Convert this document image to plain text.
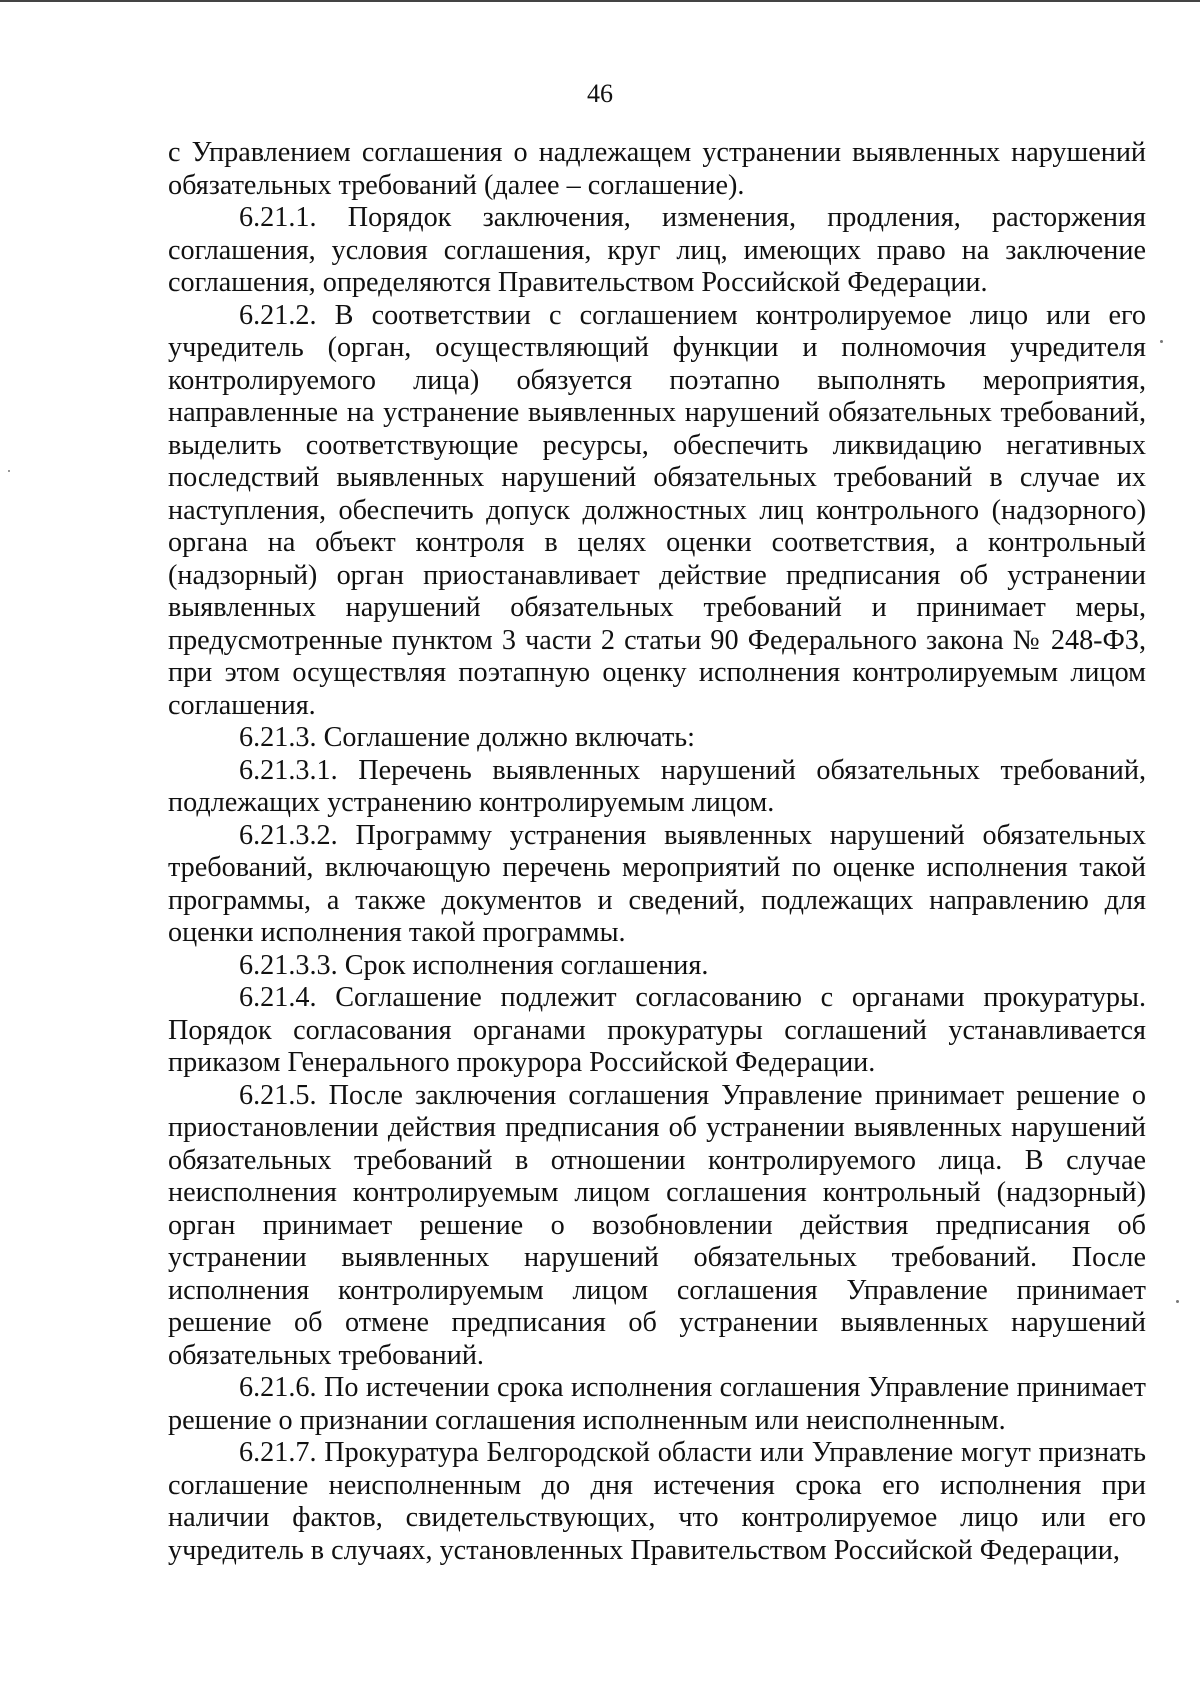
46

с Управлением соглашения о надлежащем устранении выявленных нарушений обязательных требований (далее – соглашение).

6.21.1. Порядок заключения, изменения, продления, расторжения соглашения, условия соглашения, круг лиц, имеющих право на заключение соглашения, определяются Правительством Российской Федерации.

6.21.2. В соответствии с соглашением контролируемое лицо или его учредитель (орган, осуществляющий функции и полномочия учредителя контролируемого лица) обязуется поэтапно выполнять мероприятия, направленные на устранение выявленных нарушений обязательных требований, выделить соответствующие ресурсы, обеспечить ликвидацию негативных последствий выявленных нарушений обязательных требований в случае их наступления, обеспечить допуск должностных лиц контрольного (надзорного) органа на объект контроля в целях оценки соответствия, а контрольный (надзорный) орган приостанавливает действие предписания об устранении выявленных нарушений обязательных требований и принимает меры, предусмотренные пунктом 3 части 2 статьи 90 Федерального закона № 248-ФЗ, при этом осуществляя поэтапную оценку исполнения контролируемым лицом соглашения.

6.21.3. Соглашение должно включать:

6.21.3.1. Перечень выявленных нарушений обязательных требований, подлежащих устранению контролируемым лицом.

6.21.3.2. Программу устранения выявленных нарушений обязательных требований, включающую перечень мероприятий по оценке исполнения такой программы, а также документов и сведений, подлежащих направлению для оценки исполнения такой программы.

6.21.3.3. Срок исполнения соглашения.

6.21.4. Соглашение подлежит согласованию с органами прокуратуры. Порядок согласования органами прокуратуры соглашений устанавливается приказом Генерального прокурора Российской Федерации.

6.21.5. После заключения соглашения Управление принимает решение о приостановлении действия предписания об устранении выявленных нарушений обязательных требований в отношении контролируемого лица. В случае неисполнения контролируемым лицом соглашения контрольный (надзорный) орган принимает решение о возобновлении действия предписания об устранении выявленных нарушений обязательных требований. После исполнения контролируемым лицом соглашения Управление принимает решение об отмене предписания об устранении выявленных нарушений обязательных требований.

6.21.6. По истечении срока исполнения соглашения Управление принимает решение о признании соглашения исполненным или неисполненным.

6.21.7. Прокуратура Белгородской области или Управление могут признать соглашение неисполненным до дня истечения срока его исполнения при наличии фактов, свидетельствующих, что контролируемое лицо или его учредитель в случаях, установленных Правительством Российской Федерации,
